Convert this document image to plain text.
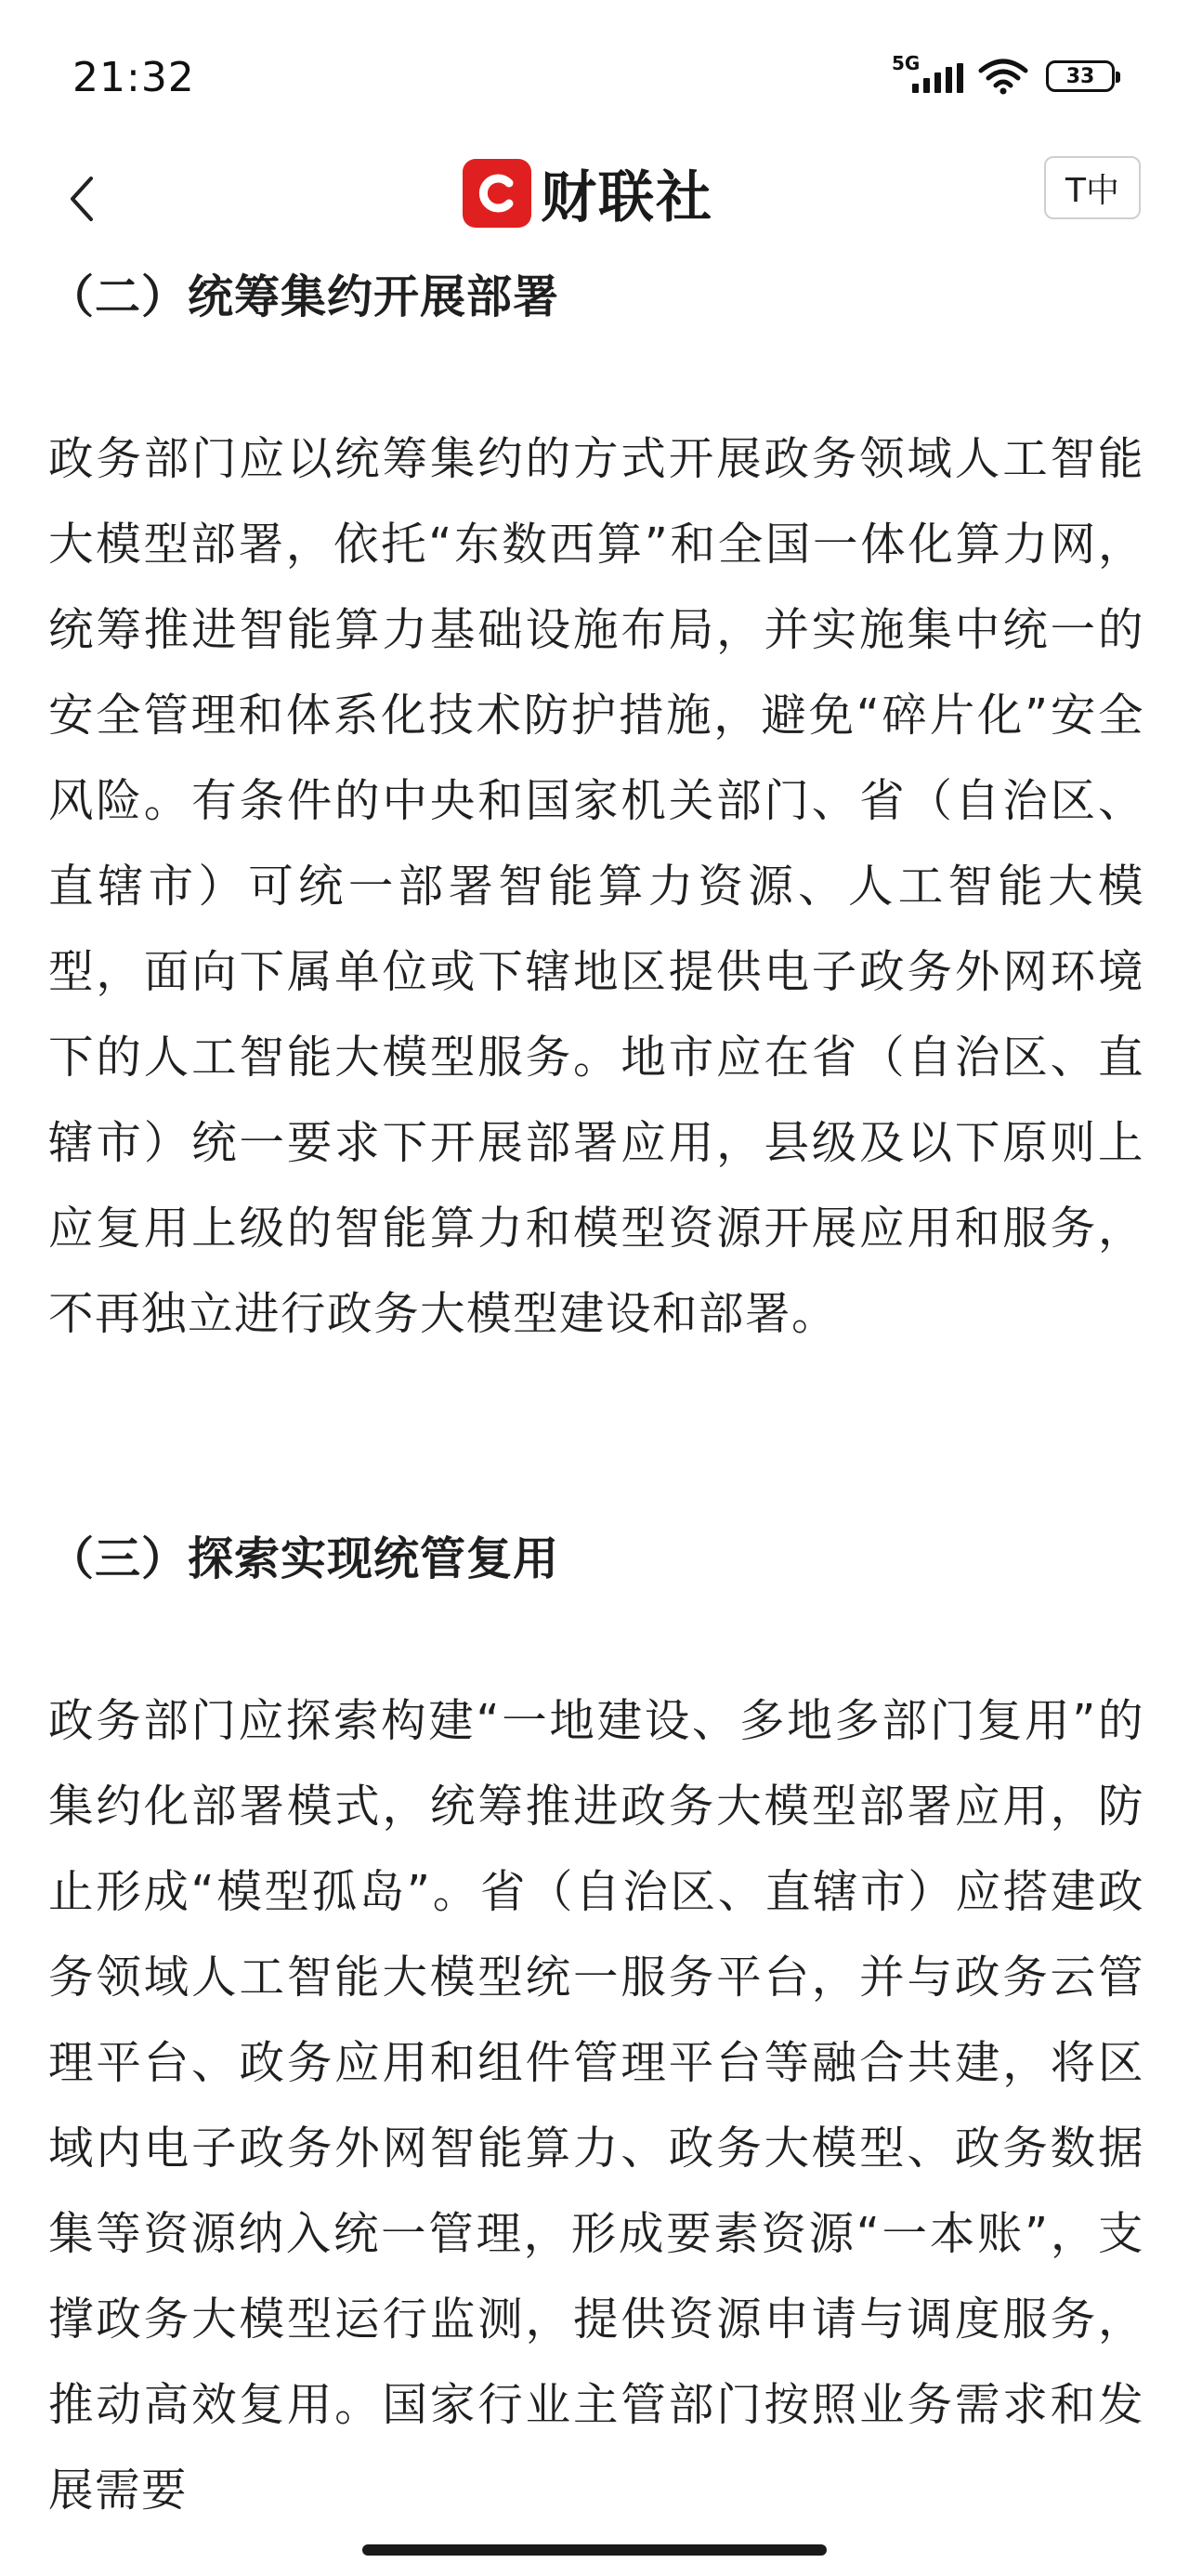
21:32	5G
33
财联社	T中
（二）统筹集约开展部署

政务部门应以统筹集约的方式开展政务领域人工智能大模型部署，依托“东数西算”和全国一体化算力网，统筹推进智能算力基础设施布局，并实施集中统一的安全管理和体系化技术防护措施，避免“碎片化”安全风险。有条件的中央和国家机关部门、省（自治区、直辖市）可统一部署智能算力资源、人工智能大模型，面向下属单位或下辖地区提供电子政务外网环境下的人工智能大模型服务。地市应在省（自治区、直辖市）统一要求下开展部署应用，县级及以下原则上应复用上级的智能算力和模型资源开展应用和服务，不再独立进行政务大模型建设和部署。

（三）探索实现统管复用

政务部门应探索构建“一地建设、多地多部门复用”的集约化部署模式，统筹推进政务大模型部署应用，防止形成“模型孤岛”。省（自治区、直辖市）应搭建政务领域人工智能大模型统一服务平台，并与政务云管理平台、政务应用和组件管理平台等融合共建，将区域内电子政务外网智能算力、政务大模型、政务数据集等资源纳入统一管理，形成要素资源“一本账”，支撑政务大模型运行监测，提供资源申请与调度服务，推动高效复用。国家行业主管部门按照业务需求和发展需要
